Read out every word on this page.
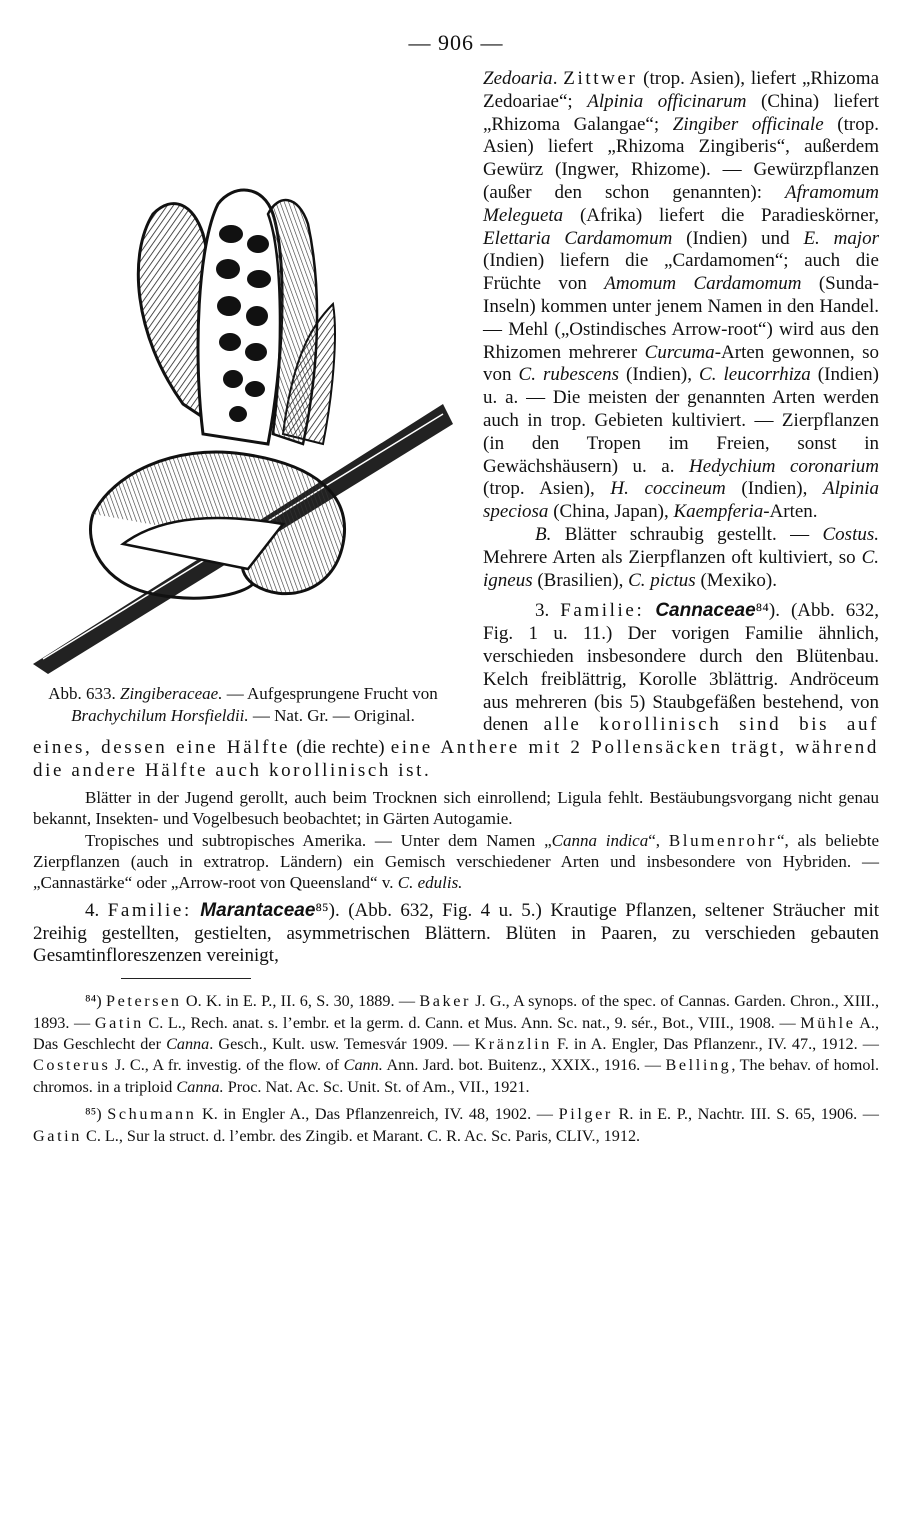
— 906 —
Abb. 633. Zingiberaceae. — Aufgesprungene Frucht von Brachychilum Horsfieldii. — Nat. Gr. — Original.

Zedoaria. Zittwer (trop. Asien), liefert „Rhizoma Zedoariae“; Alpinia officinarum (China) liefert „Rhizoma Galangae“; Zingiber officinale (trop. Asien) liefert „Rhizoma Zingiberis“, außerdem Gewürz (Ingwer, Rhizome). — Gewürzpflanzen (außer den schon genannten): Aframomum Melegueta (Afrika) liefert die Paradieskörner, Elettaria Cardamomum (Indien) und E. major (Indien) liefern die „Cardamomen“; auch die Früchte von Amomum Cardamomum (Sunda-Inseln) kommen unter jenem Namen in den Handel. — Mehl („Ostindisches Arrow-root“) wird aus den Rhizomen mehrerer Curcuma-Arten gewonnen, so von C. rubescens (Indien), C. leucorrhiza (Indien) u. a. — Die meisten der genannten Arten werden auch in trop. Gebieten kultiviert. — Zierpflanzen (in den Tropen im Freien, sonst in Gewächshäusern) u. a. Hedychium coronarium (trop. Asien), H. coccineum (Indien), Alpinia speciosa (China, Japan), Kaempferia-Arten.

B. Blätter schraubig gestellt. — Costus. Mehrere Arten als Zierpflanzen oft kultiviert, so C. igneus (Brasilien), C. pictus (Mexiko).

3. Familie: Cannaceae⁸⁴). (Abb. 632, Fig. 1 u. 11.) Der vorigen Familie ähnlich, verschieden insbesondere durch den Blütenbau. Kelch freiblättrig, Korolle 3blättrig. Andröceum aus mehreren (bis 5) Staubgefäßen bestehend, von denen alle korollinisch sind bis auf eines, dessen eine Hälfte (die rechte) eine Anthere mit 2 Pollensäcken trägt, während die andere Hälfte auch korollinisch ist.

Blätter in der Jugend gerollt, auch beim Trocknen sich einrollend; Ligula fehlt. Bestäubungsvorgang nicht genau bekannt, Insekten- und Vogelbesuch beobachtet; in Gärten Autogamie.

Tropisches und subtropisches Amerika. — Unter dem Namen „Canna indica“, Blumenrohr“, als beliebte Zierpflanzen (auch in extratrop. Ländern) ein Gemisch verschiedener Arten und insbesondere von Hybriden. — „Cannastärke“ oder „Arrow-root von Queensland“ v. C. edulis.

4. Familie: Marantaceae⁸⁵). (Abb. 632, Fig. 4 u. 5.) Krautige Pflanzen, seltener Sträucher mit 2reihig gestellten, gestielten, asymmetrischen Blättern. Blüten in Paaren, zu verschieden gebauten Gesamtinfloreszenzen vereinigt,

⁸⁴) Petersen O. K. in E. P., II. 6, S. 30, 1889. — Baker J. G., A synops. of the spec. of Cannas. Garden. Chron., XIII., 1893. — Gatin C. L., Rech. anat. s. l’embr. et la germ. d. Cann. et Mus. Ann. Sc. nat., 9. sér., Bot., VIII., 1908. — Mühle A., Das Geschlecht der Canna. Gesch., Kult. usw. Temesvár 1909. — Kränzlin F. in A. Engler, Das Pflanzenr., IV. 47., 1912. — Costerus J. C., A fr. investig. of the flow. of Cann. Ann. Jard. bot. Buitenz., XXIX., 1916. — Belling, The behav. of homol. chromos. in a triploid Canna. Proc. Nat. Ac. Sc. Unit. St. of Am., VII., 1921.

⁸⁵) Schumann K. in Engler A., Das Pflanzenreich, IV. 48, 1902. — Pilger R. in E. P., Nachtr. III. S. 65, 1906. — Gatin C. L., Sur la struct. d. l’embr. des Zingib. et Marant. C. R. Ac. Sc. Paris, CLIV., 1912.
